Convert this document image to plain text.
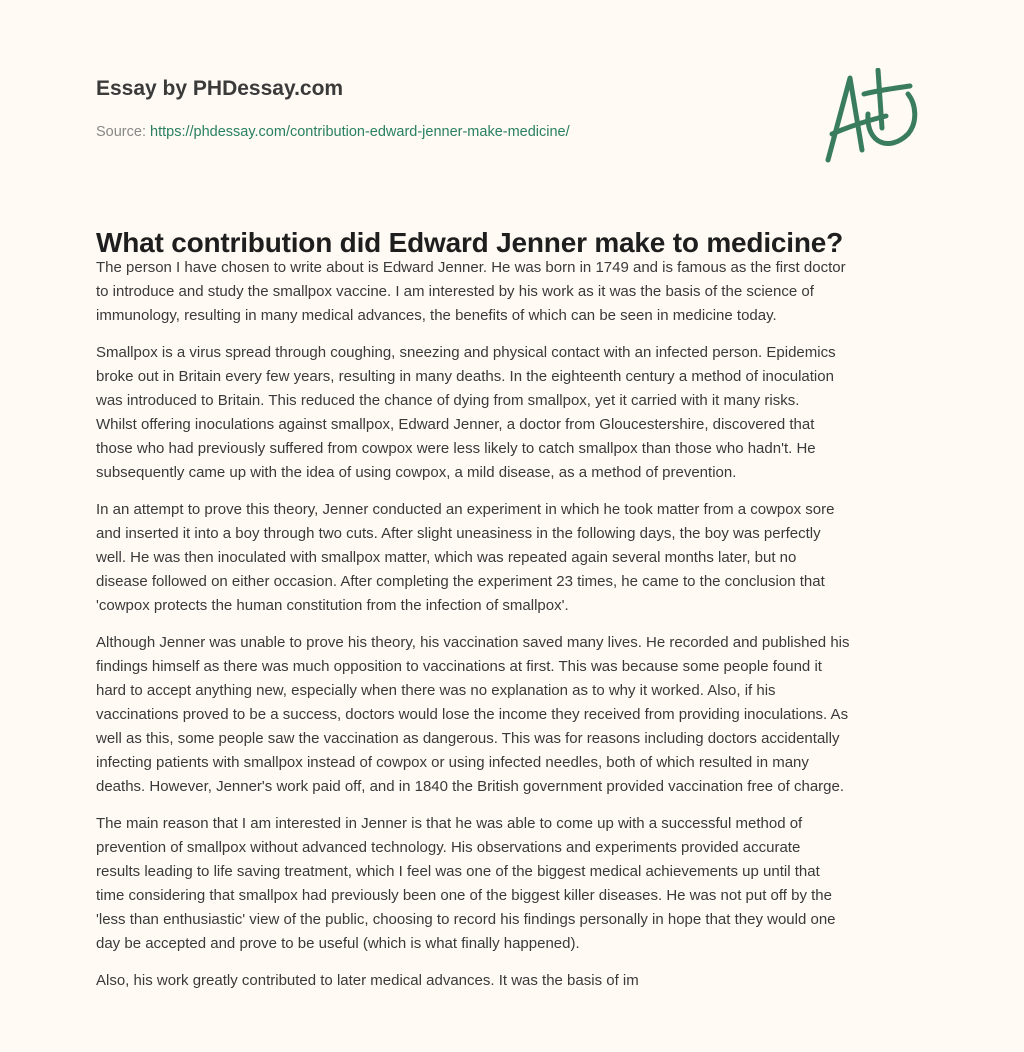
Essay by PHDessay.com
Source: https://phdessay.com/contribution-edward-jenner-make-medicine/
What contribution did Edward Jenner make to medicine?

The person I have chosen to write about is Edward Jenner. He was born in 1749 and is famous as the first doctor
to introduce and study the smallpox vaccine. I am interested by his work as it was the basis of the science of
immunology, resulting in many medical advances, the benefits of which can be seen in medicine today.

Smallpox is a virus spread through coughing, sneezing and physical contact with an infected person. Epidemics
broke out in Britain every few years, resulting in many deaths. In the eighteenth century a method of inoculation
was introduced to Britain. This reduced the chance of dying from smallpox, yet it carried with it many risks.
Whilst offering inoculations against smallpox, Edward Jenner, a doctor from Gloucestershire, discovered that
those who had previously suffered from cowpox were less likely to catch smallpox than those who hadn't. He
subsequently came up with the idea of using cowpox, a mild disease, as a method of prevention.

In an attempt to prove this theory, Jenner conducted an experiment in which he took matter from a cowpox sore
and inserted it into a boy through two cuts. After slight uneasiness in the following days, the boy was perfectly
well. He was then inoculated with smallpox matter, which was repeated again several months later, but no
disease followed on either occasion. After completing the experiment 23 times, he came to the conclusion that
'cowpox protects the human constitution from the infection of smallpox'.

Although Jenner was unable to prove his theory, his vaccination saved many lives. He recorded and published his
findings himself as there was much opposition to vaccinations at first. This was because some people found it
hard to accept anything new, especially when there was no explanation as to why it worked. Also, if his
vaccinations proved to be a success, doctors would lose the income they received from providing inoculations. As
well as this, some people saw the vaccination as dangerous. This was for reasons including doctors accidentally
infecting patients with smallpox instead of cowpox or using infected needles, both of which resulted in many
deaths. However, Jenner's work paid off, and in 1840 the British government provided vaccination free of charge.

The main reason that I am interested in Jenner is that he was able to come up with a successful method of
prevention of smallpox without advanced technology. His observations and experiments provided accurate
results leading to life saving treatment, which I feel was one of the biggest medical achievements up until that
time considering that smallpox had previously been one of the biggest killer diseases. He was not put off by the
'less than enthusiastic' view of the public, choosing to record his findings personally in hope that they would one
day be accepted and prove to be useful (which is what finally happened).

Also, his work greatly contributed to later medical advances. It was the basis of im
